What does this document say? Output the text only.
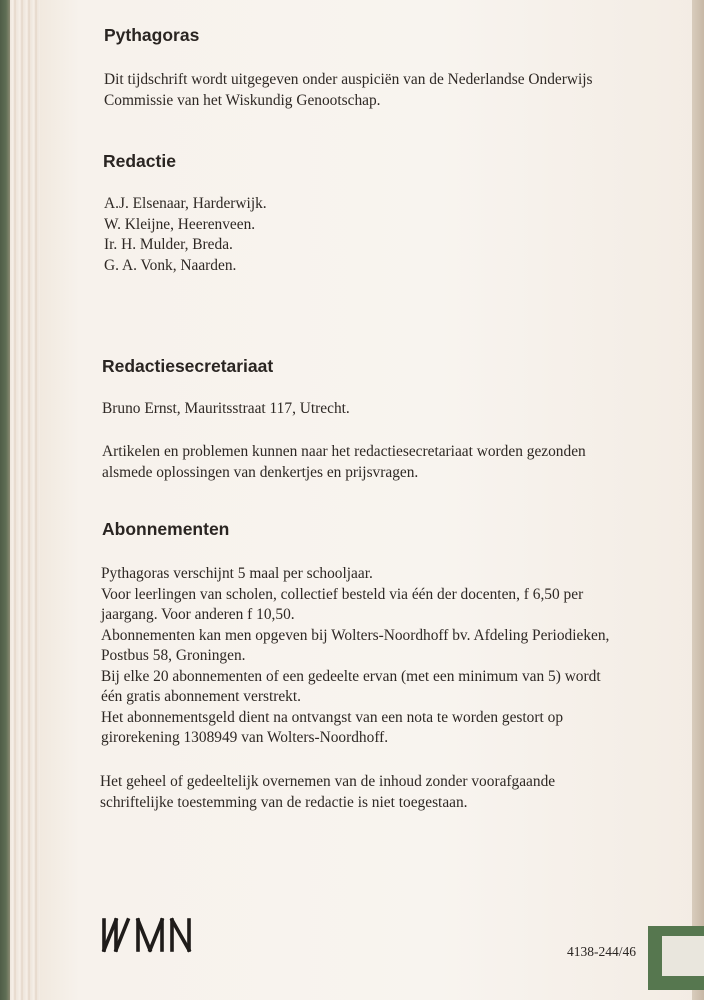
Pythagoras
Dit tijdschrift wordt uitgegeven onder auspiciën van de Nederlandse Onderwijs
Commissie van het Wiskundig Genootschap.
Redactie
A.J. Elsenaar, Harderwijk.
W. Kleijne, Heerenveen.
Ir. H. Mulder, Breda.
G. A. Vonk, Naarden.
Redactiesecretariaat
Bruno Ernst, Mauritsstraat 117, Utrecht.
Artikelen en problemen kunnen naar het redactiesecretariaat worden gezonden
alsmede oplossingen van denkertjes en prijsvragen.
Abonnementen
Pythagoras verschijnt 5 maal per schooljaar.
Voor leerlingen van scholen, collectief besteld via één der docenten, f 6,50 per
jaargang. Voor anderen f 10,50.
Abonnementen kan men opgeven bij Wolters-Noordhoff bv. Afdeling Periodieken,
Postbus 58, Groningen.
Bij elke 20 abonnementen of een gedeelte ervan (met een minimum van 5) wordt
één gratis abonnement verstrekt.
Het abonnementsgeld dient na ontvangst van een nota te worden gestort op
girorekening 1308949 van Wolters-Noordhoff.
Het geheel of gedeeltelijk overnemen van de inhoud zonder voorafgaande
schriftelijke toestemming van de redactie is niet toegestaan.
4138-244/46
